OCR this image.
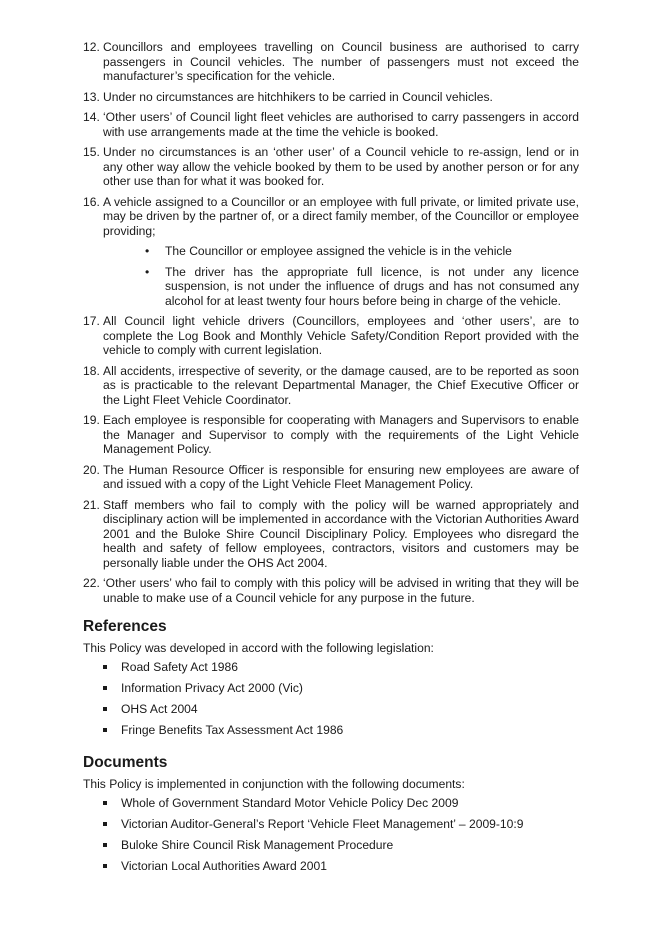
12. Councillors and employees travelling on Council business are authorised to carry passengers in Council vehicles. The number of passengers must not exceed the manufacturer’s specification for the vehicle.
13. Under no circumstances are hitchhikers to be carried in Council vehicles.
14. ‘Other users’ of Council light fleet vehicles are authorised to carry passengers in accord with use arrangements made at the time the vehicle is booked.
15. Under no circumstances is an ‘other user’ of a Council vehicle to re-assign, lend or in any other way allow the vehicle booked by them to be used by another person or for any other use than for what it was booked for.
16. A vehicle assigned to a Councillor or an employee with full private, or limited private use, may be driven by the partner of, or a direct family member, of the Councillor or employee providing;
• The Councillor or employee assigned the vehicle is in the vehicle
• The driver has the appropriate full licence, is not under any licence suspension, is not under the influence of drugs and has not consumed any alcohol for at least twenty four hours before being in charge of the vehicle.
17. All Council light vehicle drivers (Councillors, employees and ‘other users’, are to complete the Log Book and Monthly Vehicle Safety/Condition Report provided with the vehicle to comply with current legislation.
18. All accidents, irrespective of severity, or the damage caused, are to be reported as soon as is practicable to the relevant Departmental Manager, the Chief Executive Officer or the Light Fleet Vehicle Coordinator.
19. Each employee is responsible for cooperating with Managers and Supervisors to enable the Manager and Supervisor to comply with the requirements of the Light Vehicle Management Policy.
20. The Human Resource Officer is responsible for ensuring new employees are aware of and issued with a copy of the Light Vehicle Fleet Management Policy.
21. Staff members who fail to comply with the policy will be warned appropriately and disciplinary action will be implemented in accordance with the Victorian Authorities Award 2001 and the Buloke Shire Council Disciplinary Policy. Employees who disregard the health and safety of fellow employees, contractors, visitors and customers may be personally liable under the OHS Act 2004.
22. ‘Other users’ who fail to comply with this policy will be advised in writing that they will be unable to make use of a Council vehicle for any purpose in the future.
References
This Policy was developed in accord with the following legislation:
Road Safety Act 1986
Information Privacy Act 2000 (Vic)
OHS Act 2004
Fringe Benefits Tax Assessment Act 1986
Documents
This Policy is implemented in conjunction with the following documents:
Whole of Government Standard Motor Vehicle Policy Dec 2009
Victorian Auditor-General’s Report ‘Vehicle Fleet Management’ – 2009-10:9
Buloke Shire Council Risk Management Procedure
Victorian Local Authorities Award 2001
